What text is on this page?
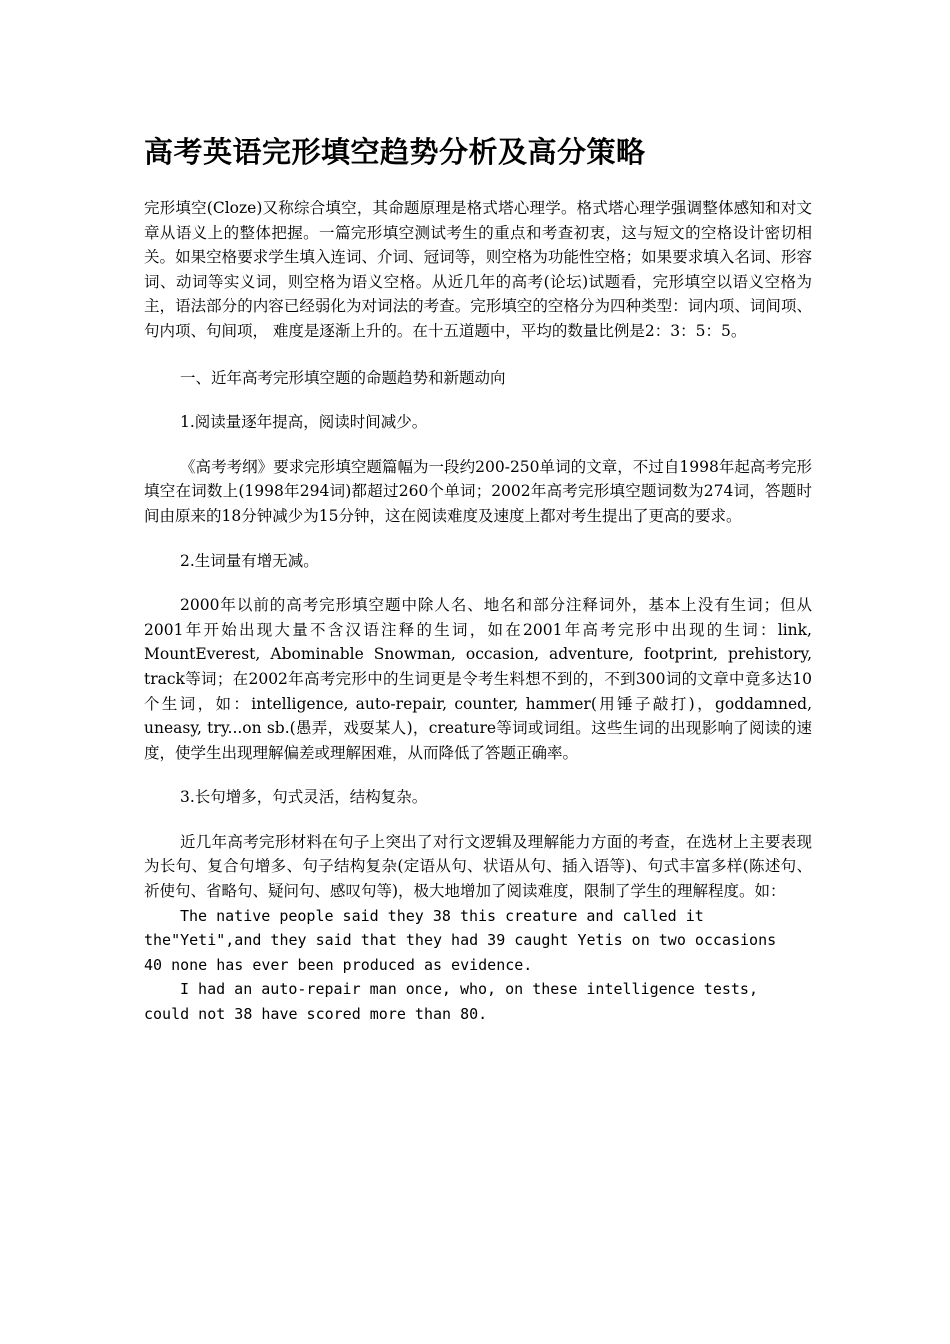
高考英语完形填空趋势分析及高分策略

完形填空(Cloze)又称综合填空，其命题原理是格式塔心理学。格式塔心理学强调整体感知和对文章从语义上的整体把握。一篇完形填空测试考生的重点和考查初衷，这与短文的空格设计密切相关。如果空格要求学生填入连词、介词、冠词等，则空格为功能性空格；如果要求填入名词、形容词、动词等实义词，则空格为语义空格。从近几年的高考(论坛)试题看，完形填空以语义空格为主，语法部分的内容已经弱化为对词法的考查。完形填空的空格分为四种类型：词内项、词间项、句内项、句间项， 难度是逐渐上升的。在十五道题中，平均的数量比例是2：3：5：5。

一、近年高考完形填空题的命题趋势和新题动向

1.阅读量逐年提高，阅读时间减少。

《高考考纲》要求完形填空题篇幅为一段约200-250单词的文章，不过自1998年起高考完形填空在词数上(1998年294词)都超过260个单词；2002年高考完形填空题词数为274词，答题时间由原来的18分钟减少为15分钟，这在阅读难度及速度上都对考生提出了更高的要求。

2.生词量有增无减。

2000年以前的高考完形填空题中除人名、地名和部分注释词外，基本上没有生词；但从2001年开始出现大量不含汉语注释的生词，如在2001年高考完形中出现的生词：link, MountEverest, Abominable Snowman, occasion, adventure, footprint, prehistory, track等词；在2002年高考完形中的生词更是令考生料想不到的，不到300词的文章中竟多达10个生词，如：intelligence, auto-repair, counter, hammer(用锤子敲打)，goddamned, uneasy, try...on sb.(愚弄，戏耍某人)，creature等词或词组。这些生词的出现影响了阅读的速度，使学生出现理解偏差或理解困难，从而降低了答题正确率。

3.长句增多，句式灵活，结构复杂。

近几年高考完形材料在句子上突出了对行文逻辑及理解能力方面的考查，在选材上主要表现为长句、复合句增多、句子结构复杂(定语从句、状语从句、插入语等)、句式丰富多样(陈述句、祈使句、省略句、疑问句、感叹句等)，极大地增加了阅读难度，限制了学生的理解程度。如：

The native people said they 38 this creature and called it

the"Yeti",and they said that they had 39 caught Yetis on two occasions

40 none has ever been produced as evidence.

I had an auto-repair man once, who, on these intelligence tests,

could not 38 have scored more than 80.
